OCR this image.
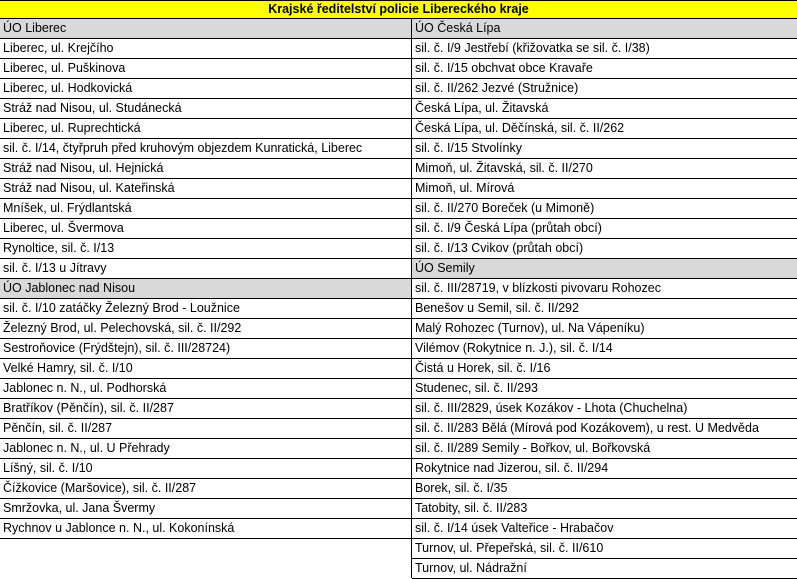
Krajské ředitelství policie Libereckého kraje
ÚO Liberec
Liberec, ul. Krejčího
Liberec, ul. Puškinova
Liberec, ul. Hodkovická
Stráž nad Nisou, ul. Studánecká
Liberec, ul. Ruprechtická
sil. č. I/14, čtyřpruh před kruhovým objezdem Kunratická, Liberec
Stráž nad Nisou, ul. Hejnická
Stráž nad Nisou, ul. Kateřinská
Mníšek, ul. Frýdlantská
Liberec, ul. Švermova
Rynoltice, sil. č. I/13
sil. č. I/13 u Jítravy
ÚO Jablonec nad Nisou
sil. č. I/10 zatáčky Železný Brod - Loužnice
Železný Brod, ul. Pelechovská, sil. č. II/292
Sestroňovice (Frýdštejn), sil. č. III/28724)
Velké Hamry, sil. č. I/10
Jablonec n. N., ul. Podhorská
Bratříkov (Pěnčín), sil. č. II/287
Pěnčín, sil. č. II/287
Jablonec n. N., ul. U Přehrady
Líšný, sil. č. I/10
Čížkovice (Maršovice), sil. č. II/287
Smržovka, ul. Jana Švermy
Rychnov u Jablonce n. N., ul. Kokonínská
ÚO Česká Lípa
sil. č. I/9 Jestřebí (křižovatka se sil. č. I/38)
sil. č. I/15 obchvat obce Kravaře
sil. č. II/262 Jezvé (Stružnice)
Česká Lípa, ul. Žitavská
Česká Lípa, ul. Děčínská, sil. č. II/262
sil. č. I/15 Stvolínky
Mimoň, ul. Žitavská, sil. č. II/270
Mimoň, ul. Mírová
sil. č. II/270 Boreček (u Mimoně)
sil. č. I/9 Česká Lípa (průtah obcí)
sil. č. I/13 Cvikov (průtah obcí)
ÚO Semily
sil. č. III/28719, v blízkosti pivovaru Rohozec
Benešov u Semil, sil. č. II/292
Malý Rohozec (Turnov), ul. Na Vápeníku)
Vilémov (Rokytnice n. J.), sil. č. I/14
Čistá u Horek, sil. č. I/16
Studenec, sil. č. II/293
sil. č. III/2829, úsek Kozákov - Lhota (Chuchelna)
sil. č. II/283 Bělá (Mírová pod Kozákovem), u rest. U Medvěda
sil. č. II/289 Semily - Bořkov, ul. Bořkovská
Rokytnice nad Jizerou, sil. č. II/294
Borek, sil. č. I/35
Tatobity, sil. č. II/283
sil. č. I/14 úsek Valteřice - Hrabačov
Turnov, ul. Přepeřská, sil. č. II/610
Turnov, ul. Nádražní
